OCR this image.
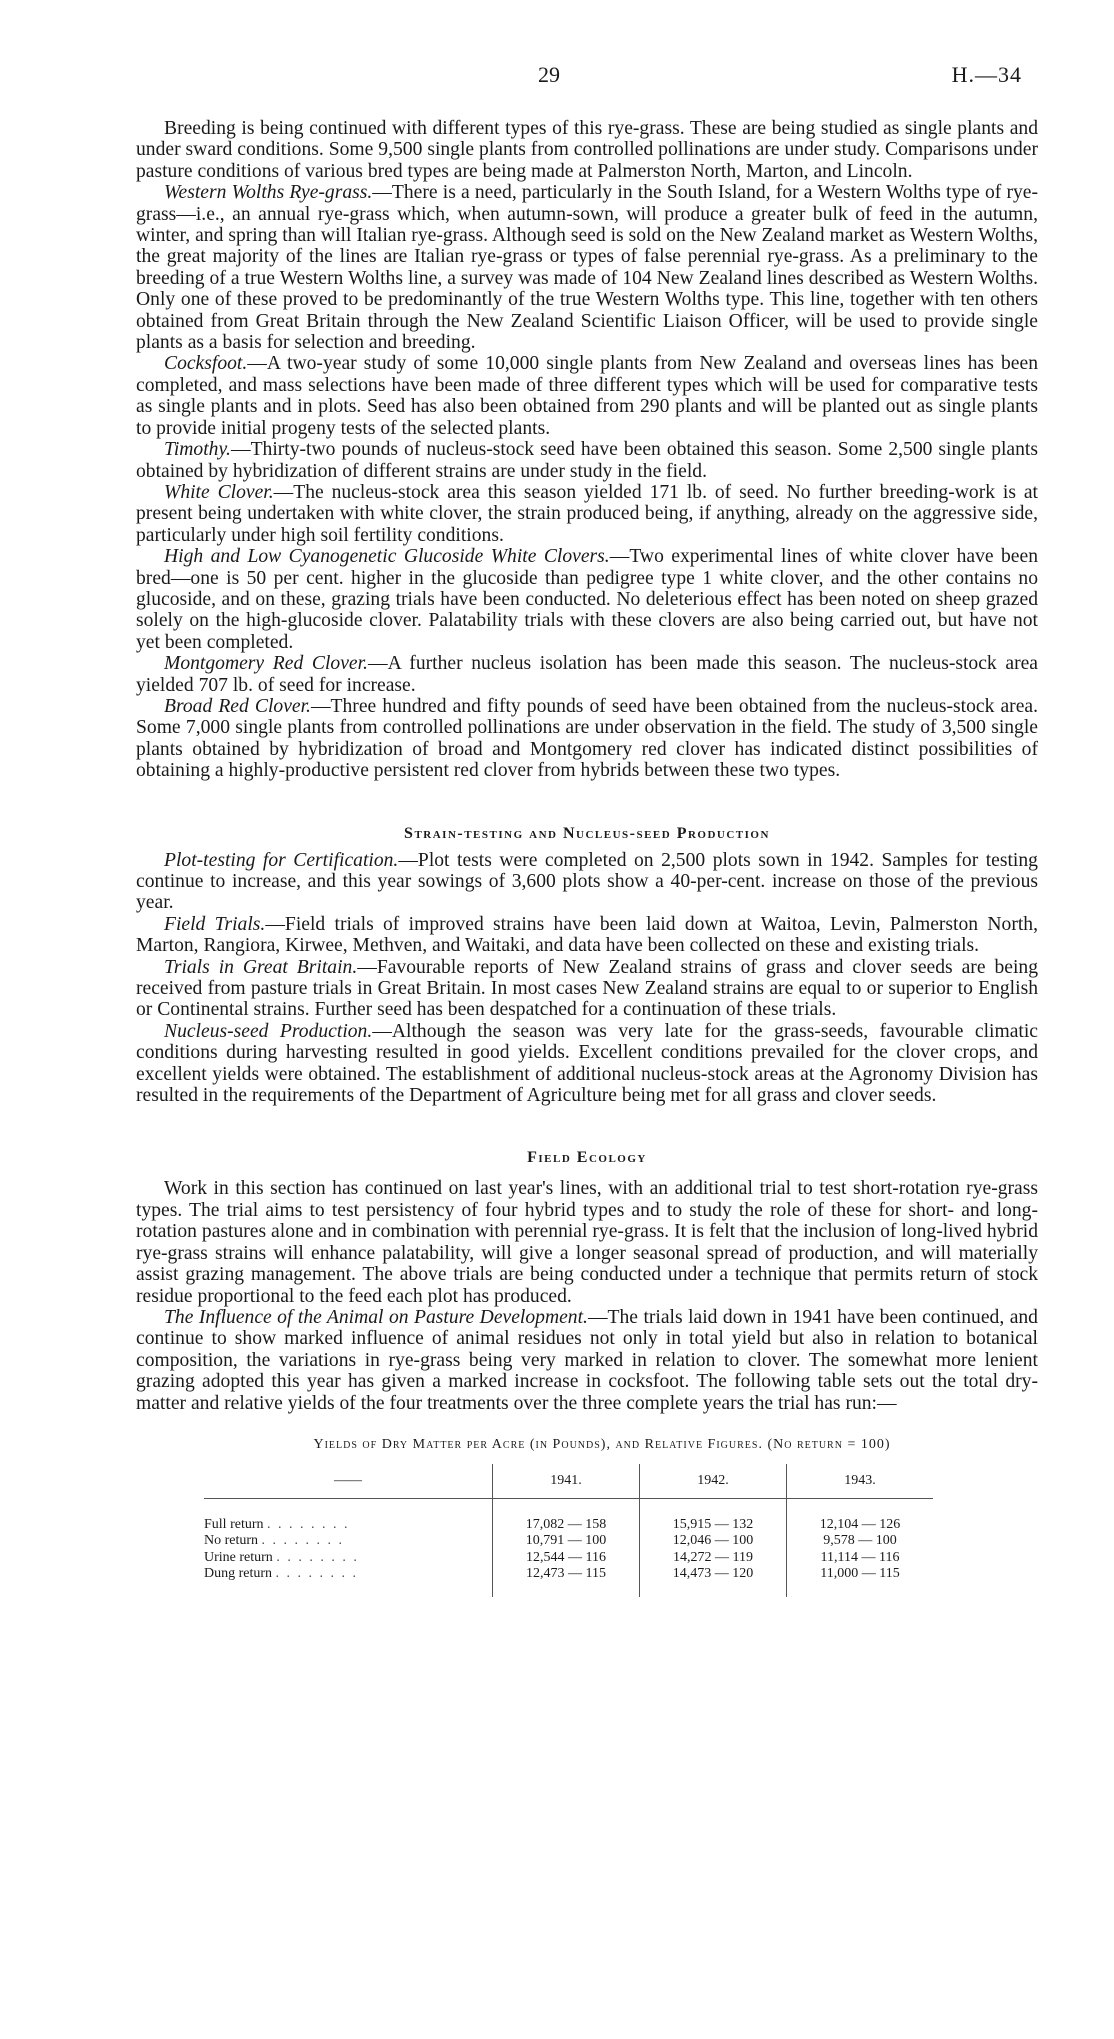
29	H.—34

Breeding is being continued with different types of this rye-grass. These are being studied as single plants and under sward conditions. Some 9,500 single plants from controlled pollinations are under study. Comparisons under pasture conditions of various bred types are being made at Palmerston North, Marton, and Lincoln.

Western Wolths Rye-grass.—There is a need, particularly in the South Island, for a Western Wolths type of rye-grass—i.e., an annual rye-grass which, when autumn-sown, will produce a greater bulk of feed in the autumn, winter, and spring than will Italian rye-grass. Although seed is sold on the New Zealand market as Western Wolths, the great majority of the lines are Italian rye-grass or types of false perennial rye-grass. As a preliminary to the breeding of a true Western Wolths line, a survey was made of 104 New Zealand lines described as Western Wolths. Only one of these proved to be predominantly of the true Western Wolths type. This line, together with ten others obtained from Great Britain through the New Zealand Scientific Liaison Officer, will be used to provide single plants as a basis for selection and breeding.

Cocksfoot.—A two-year study of some 10,000 single plants from New Zealand and overseas lines has been completed, and mass selections have been made of three different types which will be used for comparative tests as single plants and in plots. Seed has also been obtained from 290 plants and will be planted out as single plants to provide initial progeny tests of the selected plants.

Timothy.—Thirty-two pounds of nucleus-stock seed have been obtained this season. Some 2,500 single plants obtained by hybridization of different strains are under study in the field.

White Clover.—The nucleus-stock area this season yielded 171 lb. of seed. No further breeding-work is at present being undertaken with white clover, the strain produced being, if anything, already on the aggressive side, particularly under high soil fertility conditions.

High and Low Cyanogenetic Glucoside White Clovers.—Two experimental lines of white clover have been bred—one is 50 per cent. higher in the glucoside than pedigree type 1 white clover, and the other contains no glucoside, and on these, grazing trials have been conducted. No deleterious effect has been noted on sheep grazed solely on the high-glucoside clover. Palatability trials with these clovers are also being carried out, but have not yet been completed.

Montgomery Red Clover.—A further nucleus isolation has been made this season. The nucleus-stock area yielded 707 lb. of seed for increase.

Broad Red Clover.—Three hundred and fifty pounds of seed have been obtained from the nucleus-stock area. Some 7,000 single plants from controlled pollinations are under observation in the field. The study of 3,500 single plants obtained by hybridization of broad and Montgomery red clover has indicated distinct possibilities of obtaining a highly-productive persistent red clover from hybrids between these two types.

Strain-testing and Nucleus-seed Production

Plot-testing for Certification.—Plot tests were completed on 2,500 plots sown in 1942. Samples for testing continue to increase, and this year sowings of 3,600 plots show a 40-per-cent. increase on those of the previous year.

Field Trials.—Field trials of improved strains have been laid down at Waitoa, Levin, Palmerston North, Marton, Rangiora, Kirwee, Methven, and Waitaki, and data have been collected on these and existing trials.

Trials in Great Britain.—Favourable reports of New Zealand strains of grass and clover seeds are being received from pasture trials in Great Britain. In most cases New Zealand strains are equal to or superior to English or Continental strains. Further seed has been despatched for a continuation of these trials.

Nucleus-seed Production.—Although the season was very late for the grass-seeds, favourable climatic conditions during harvesting resulted in good yields. Excellent conditions prevailed for the clover crops, and excellent yields were obtained. The establishment of additional nucleus-stock areas at the Agronomy Division has resulted in the requirements of the Department of Agriculture being met for all grass and clover seeds.

Field Ecology

Work in this section has continued on last year's lines, with an additional trial to test short-rotation rye-grass types. The trial aims to test persistency of four hybrid types and to study the role of these for short- and long-rotation pastures alone and in combination with perennial rye-grass. It is felt that the inclusion of long-lived hybrid rye-grass strains will enhance palatability, will give a longer seasonal spread of production, and will materially assist grazing management. The above trials are being conducted under a technique that permits return of stock residue proportional to the feed each plot has produced.

The Influence of the Animal on Pasture Development.—The trials laid down in 1941 have been continued, and continue to show marked influence of animal residues not only in total yield but also in relation to botanical composition, the variations in rye-grass being very marked in relation to clover. The somewhat more lenient grazing adopted this year has given a marked increase in cocksfoot. The following table sets out the total dry-matter and relative yields of the four treatments over the three complete years the trial has run:—

Yields of Dry Matter per Acre (in Pounds), and Relative Figures. (No return = 100)
——	1941.	1942.	1943.

Full return . . . . . . . .	17,082 — 158	15,915 — 132	12,104 — 126
No return . . . . . . . .	10,791 — 100	12,046 — 100	9,578 — 100
Urine return . . . . . . . .	12,544 — 116	14,272 — 119	11,114 — 116
Dung return . . . . . . . .	12,473 — 115	14,473 — 120	11,000 — 115
